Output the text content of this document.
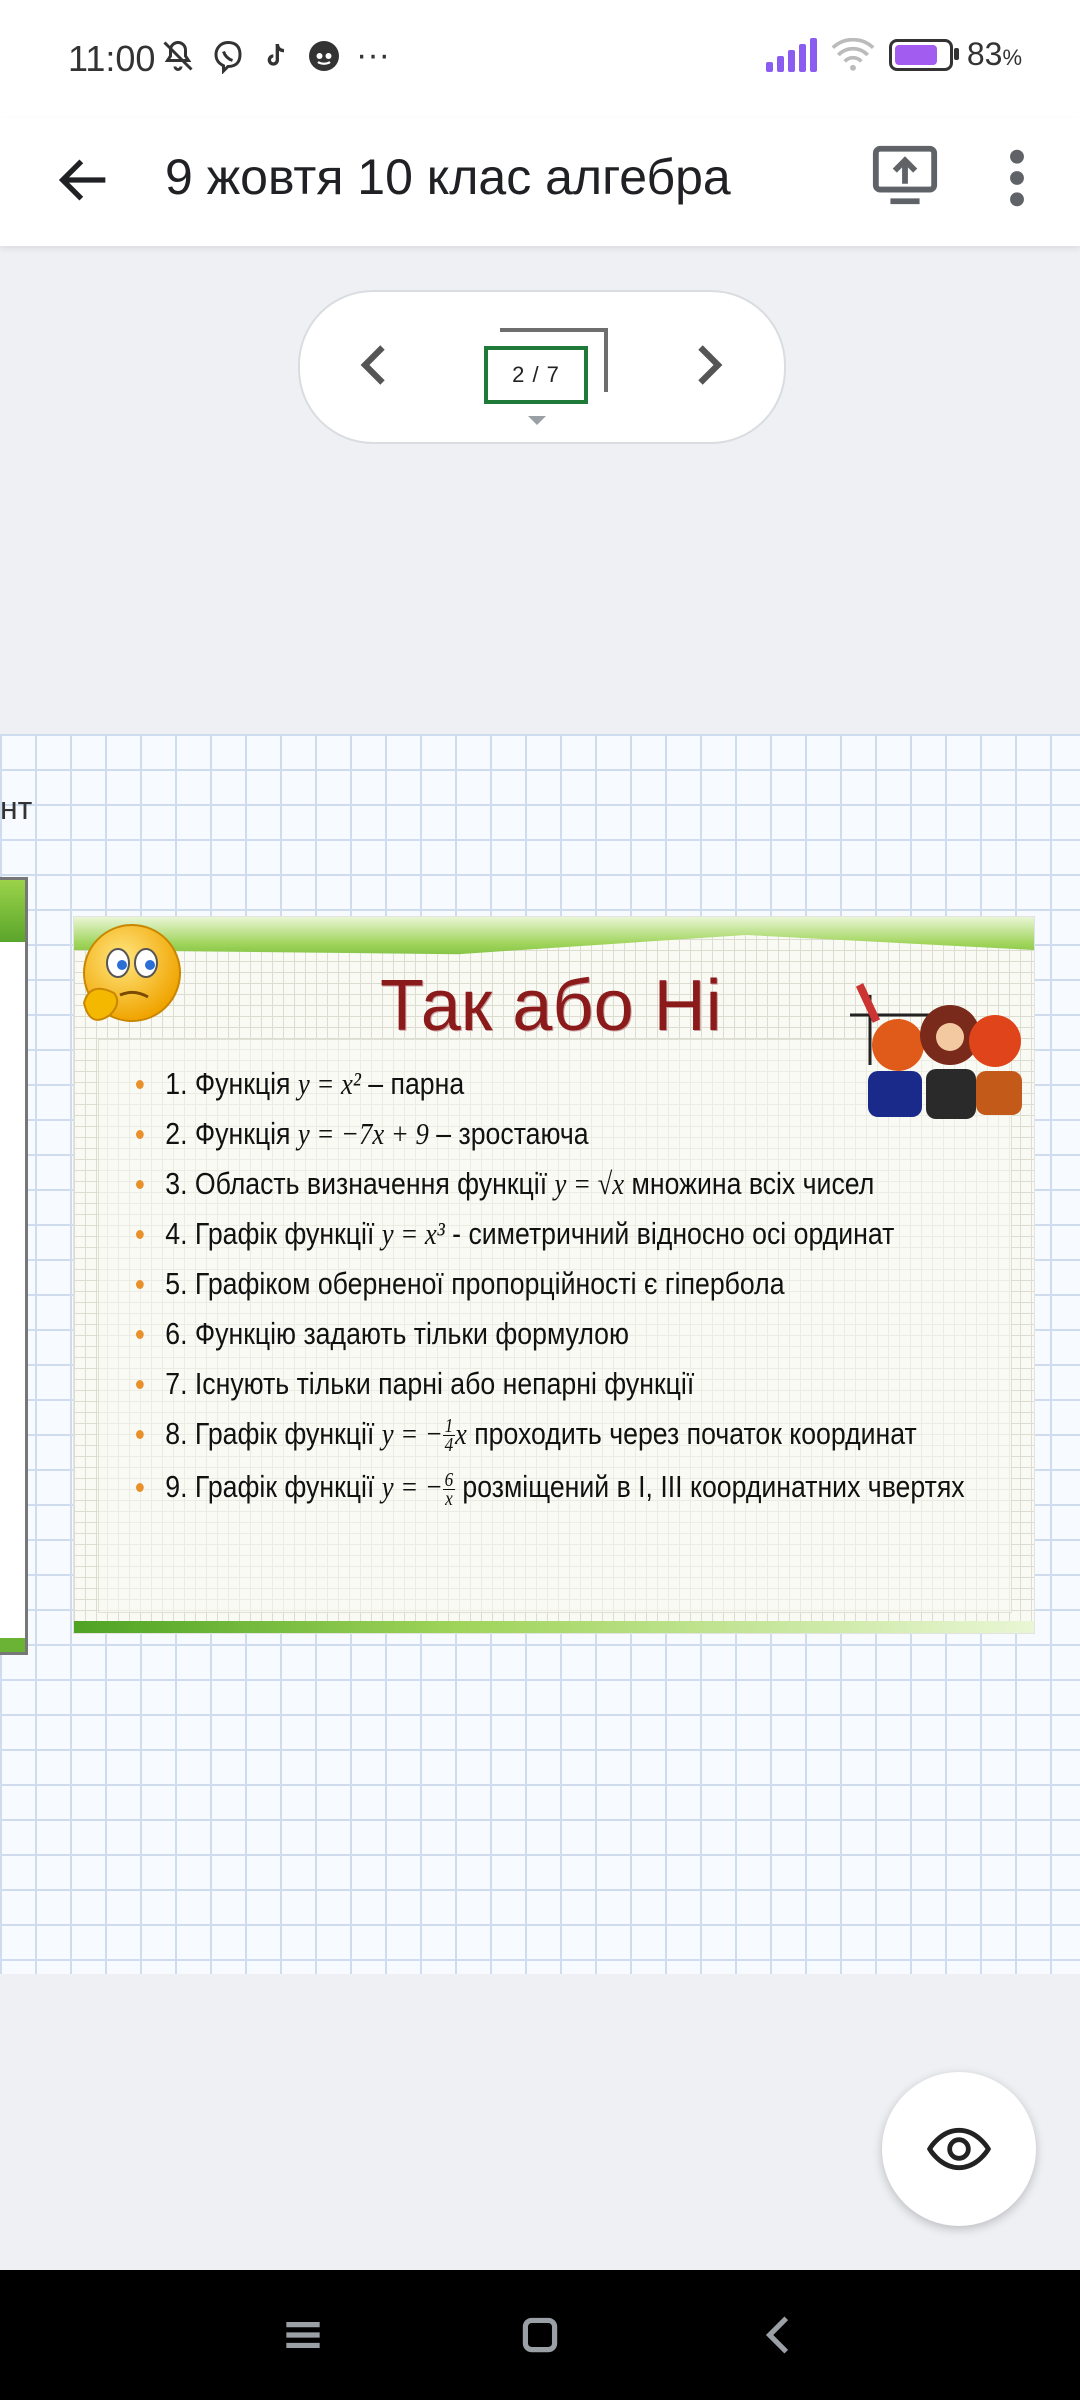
11:00	···	83%
9 жовтя 10 клас алгебра
2 / 7
нт
Так або Ні
1. Функція y = x² – парна
2. Функція y = −7x + 9 – зростаюча
3. Область визначення функції y = √x множина всіх чисел
4. Графік функції y = x³ - симетричний відносно осі ординат
5. Графіком оберненої пропорційності є гіпербола
6. Функцію задають тільки формулою
7. Існують тільки парні або непарні функції
8. Графік функції y = − $\frac{1}{4}$ x проходить через початок координат
9. Графік функції y = − $\frac{6}{x}$ розміщений в І, ІІІ координатних чвертях
